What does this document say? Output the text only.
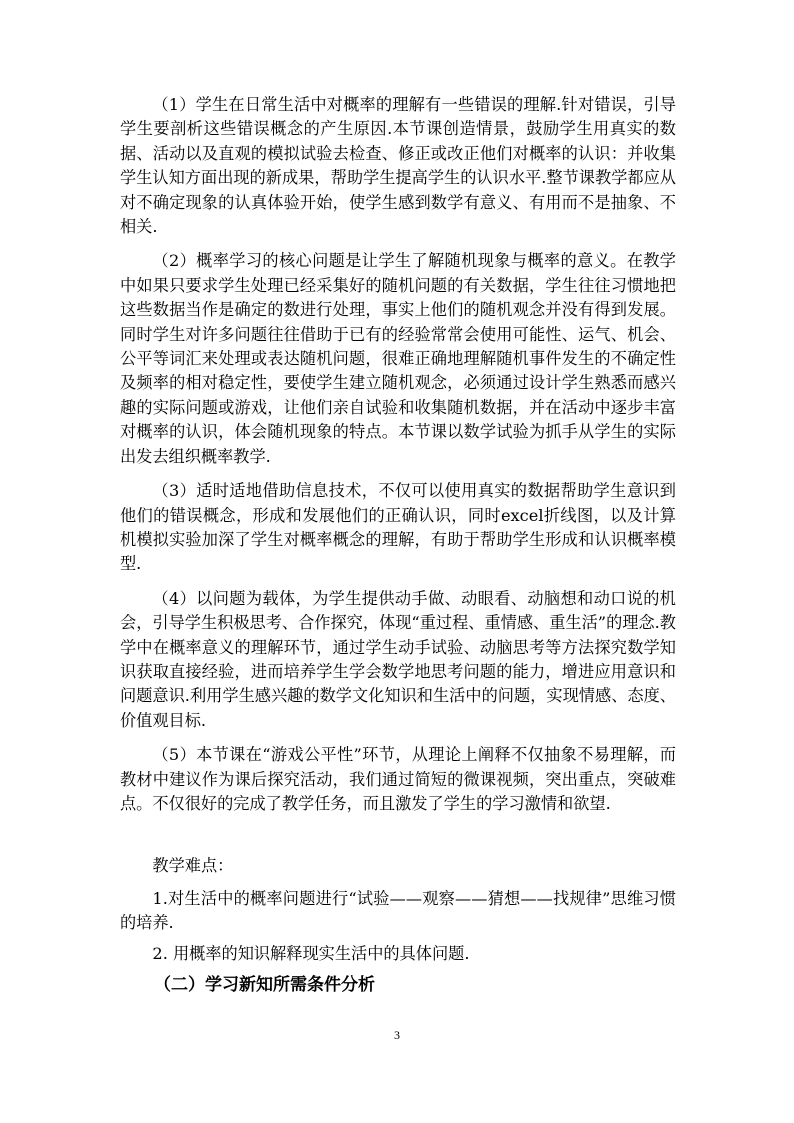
（1）学生在日常生活中对概率的理解有一些错误的理解.针对错误，引导学生要剖析这些错误概念的产生原因.本节课创造情景，鼓励学生用真实的数据、活动以及直观的模拟试验去检查、修正或改正他们对概率的认识：并收集学生认知方面出现的新成果，帮助学生提高学生的认识水平.整节课教学都应从对不确定现象的认真体验开始，使学生感到数学有意义、有用而不是抽象、不相关.

（2）概率学习的核心问题是让学生了解随机现象与概率的意义。在教学中如果只要求学生处理已经采集好的随机问题的有关数据，学生往往习惯地把这些数据当作是确定的数进行处理，事实上他们的随机观念并没有得到发展。同时学生对许多问题往往借助于已有的经验常常会使用可能性、运气、机会、公平等词汇来处理或表达随机问题，很难正确地理解随机事件发生的不确定性及频率的相对稳定性，要使学生建立随机观念，必须通过设计学生熟悉而感兴趣的实际问题或游戏，让他们亲自试验和收集随机数据，并在活动中逐步丰富对概率的认识，体会随机现象的特点。本节课以数学试验为抓手从学生的实际出发去组织概率教学.

（3）适时适地借助信息技术，不仅可以使用真实的数据帮助学生意识到他们的错误概念，形成和发展他们的正确认识，同时excel折线图，以及计算机模拟实验加深了学生对概率概念的理解，有助于帮助学生形成和认识概率模型.

（4）以问题为载体，为学生提供动手做、动眼看、动脑想和动口说的机会，引导学生积极思考、合作探究，体现“重过程、重情感、重生活”的理念.教学中在概率意义的理解环节，通过学生动手试验、动脑思考等方法探究数学知识获取直接经验，进而培养学生学会数学地思考问题的能力，增进应用意识和问题意识.利用学生感兴趣的数学文化知识和生活中的问题，实现情感、态度、价值观目标.

（5）本节课在“游戏公平性”环节，从理论上阐释不仅抽象不易理解，而教材中建议作为课后探究活动，我们通过简短的微课视频，突出重点，突破难点。不仅很好的完成了教学任务，而且激发了学生的学习激情和欲望.

教学难点：

1.对生活中的概率问题进行“试验——观察——猜想——找规律”思维习惯的培养.

2. 用概率的知识解释现实生活中的具体问题.

（二）学习新知所需条件分析

3
